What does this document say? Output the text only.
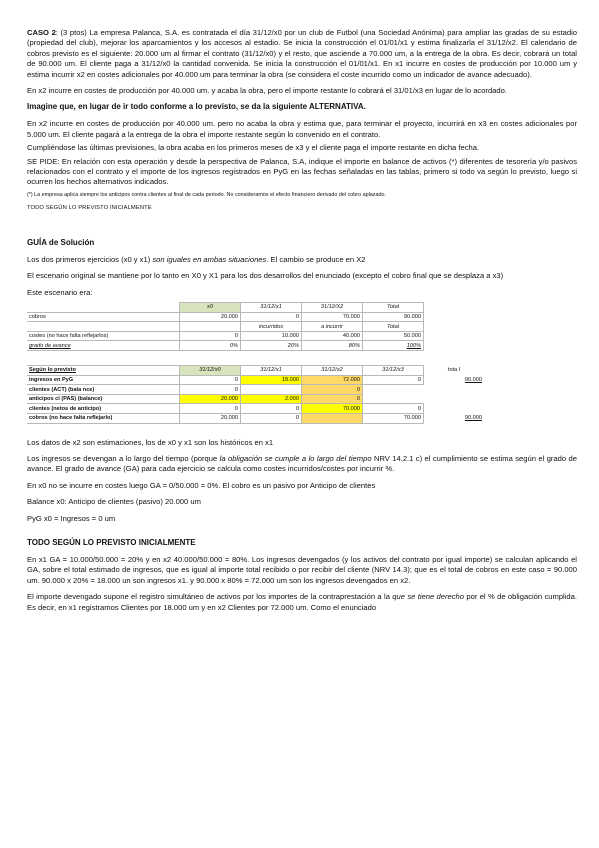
CASO 2: (3 ptos) La empresa Palanca, S.A. es contratada el día 31/12/x0 por un club de Futbol (una Sociedad Anónima) para ampliar las gradas de su estadio (propiedad del club), mejorar los aparcamientos y los accesos al estadio. Se inicia la construcción el 01/01/x1 y estima finalizarla el 31/12/x2. El calendario de cobros previsto es el siguiente: 20.000 um al firmar el contrato (31/12/x0) y el resto, que asciende a 70.000 um, a la entrega de la obra. Es decir, cobrará un total de 90.000 um. El cliente paga a 31/12/x0 la cantidad convenida. Se inicia la construcción el 01/01/x1. En x1 incurre en costes de producción por 10.000 um y estima incurrir x2 en costes adicionales por 40.000 um para terminar la obra (se considera el coste incurrido como un indicador de avance adecuado).

En x2 incurre en costes de producción por 40.000 um. y acaba la obra, pero el importe restante lo cobrará el 31/01/x3 en lugar de lo acordado.

Imagine que, en lugar de ir todo conforme a lo previsto, se da la siguiente ALTERNATIVA.

En x2 incurre en costes de producción por 40.000 um. pero no acaba la obra y estima que, para terminar el proyecto, incurrirá en x3 en costes adicionales por 5.000 um. El cliente pagará a la entrega de la obra el importe restante según lo convenido en el contrato.

Cumpliéndose las últimas previsiones, la obra acaba en los primeros meses de x3 y el cliente paga el importe restante en dicha fecha.

SE PIDE: En relación con esta operación y desde la perspectiva de Palanca, S.A, indique el importe en balance de activos (*) diferentes de tesorería y/o pasivos relacionados con el contrato y el importe de los ingresos registrados en PyG en las fechas señaladas en las tablas, primero si todo va según lo previsto, luego si ocurren los hechos alternativos indicados.

(*) La empresa aplica siempre los anticipos contra clientes al final de cada periodo. No consideramos el efecto financiero derivado del cobro aplazado.

TODO SEGÚN LO PREVISTO INICIALMENTE

GUÍA de Solución

Los dos primeros ejercicios (x0 y x1) son iguales en ambas situaciones. El cambio se produce en X2

El escenario original se mantiene por lo tanto en X0 y X1 para los dos desarrollos del enunciado (excepto el cobro final que se desplaza a x3)

Este escenario era:

	x0	31/12/x1	31/12/X2	Total	
cobros	20.000	0	70.000	90.000	
		incurridos	a incurrir	Total	
costes (no hace falta reflejarlos)	0	10.000	40.000	50.000	
grado de avance	0%	20%	80%	100%	

Según lo previsto	31/12/x0	31/12/x1	31/12/x2	31/12/x3	tota l
ingresos en PyG	0	18.000	72.000	0	90.000
clientes (ACT) (bala nce)	0		0		
anticipos cl (PAS) (balance)	20.000	2.000	0		
clientes (netos de anticipo)	0	0	70.000	0	
cobros (no hace falta reflejarlo)	20.000	0		70.000	90.000

Los datos de x2 son estimaciones, los de x0 y x1 son los históricos en x1

Los ingresos se devengan a lo largo del tiempo (porque la obligación se cumple a lo largo del tiempo NRV 14.2.1 c) el cumplimiento se estima según el grado de avance. El grado de avance (GA) para cada ejercicio se calcula como costes incurridos/costes por incurrir %.

En x0 no se incurre en costes luego GA = 0/50.000 = 0%. El cobro es un pasivo por Anticipo de clientes

Balance x0: Anticipo de clientes (pasivo) 20.000 um

PyG x0 = Ingresos = 0 um

TODO SEGÚN LO PREVISTO INICIALMENTE

En x1 GA = 10.000/50.000 = 20% y en x2 40.000/50.000 = 80%. Los ingresos devengados (y los activos del contrato por igual importe) se calculan aplicando el GA, sobre el total estimado de ingresos, que es igual al importe total recibido o por recibir del cliente (NRV 14.3); que es el total de cobros en este caso = 90.000 um. 90.000 x 20% = 18.000 un son ingresos x1. y 90.000 x 80% = 72.000 um son los ingresos devengados en x2.

El importe devengado supone el registro simultáneo de activos por los importes de la contraprestación a la que se tiene derecho por el % de obligación cumplida. Es decir, en x1 registramos Clientes por 18.000 um y en x2 Clientes por 72.000 um. Como el enunciado
